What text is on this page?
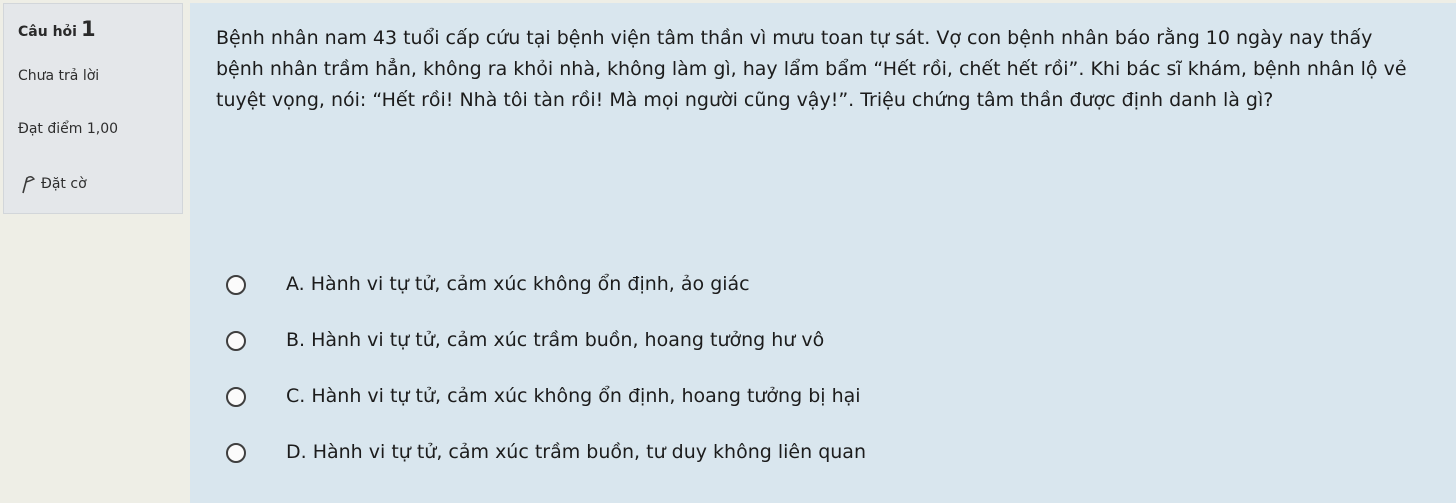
Câu hỏi 1
Chưa trả lời
Đạt điểm 1,00
Đặt cờ

Bệnh nhân nam 43 tuổi cấp cứu tại bệnh viện tâm thần vì mưu toan tự sát. Vợ con bệnh nhân báo rằng 10 ngày nay thấy bệnh nhân trầm hẳn, không ra khỏi nhà, không làm gì, hay lẩm bẩm “Hết rồi, chết hết rồi”. Khi bác sĩ khám, bệnh nhân lộ vẻ tuyệt vọng, nói: “Hết rồi! Nhà tôi tàn rồi! Mà mọi người cũng vậy!”. Triệu chứng tâm thần được định danh là gì?

A. Hành vi tự tử, cảm xúc không ổn định, ảo giác
B. Hành vi tự tử, cảm xúc trầm buồn, hoang tưởng hư vô
C. Hành vi tự tử, cảm xúc không ổn định, hoang tưởng bị hại
D. Hành vi tự tử, cảm xúc trầm buồn, tư duy không liên quan
